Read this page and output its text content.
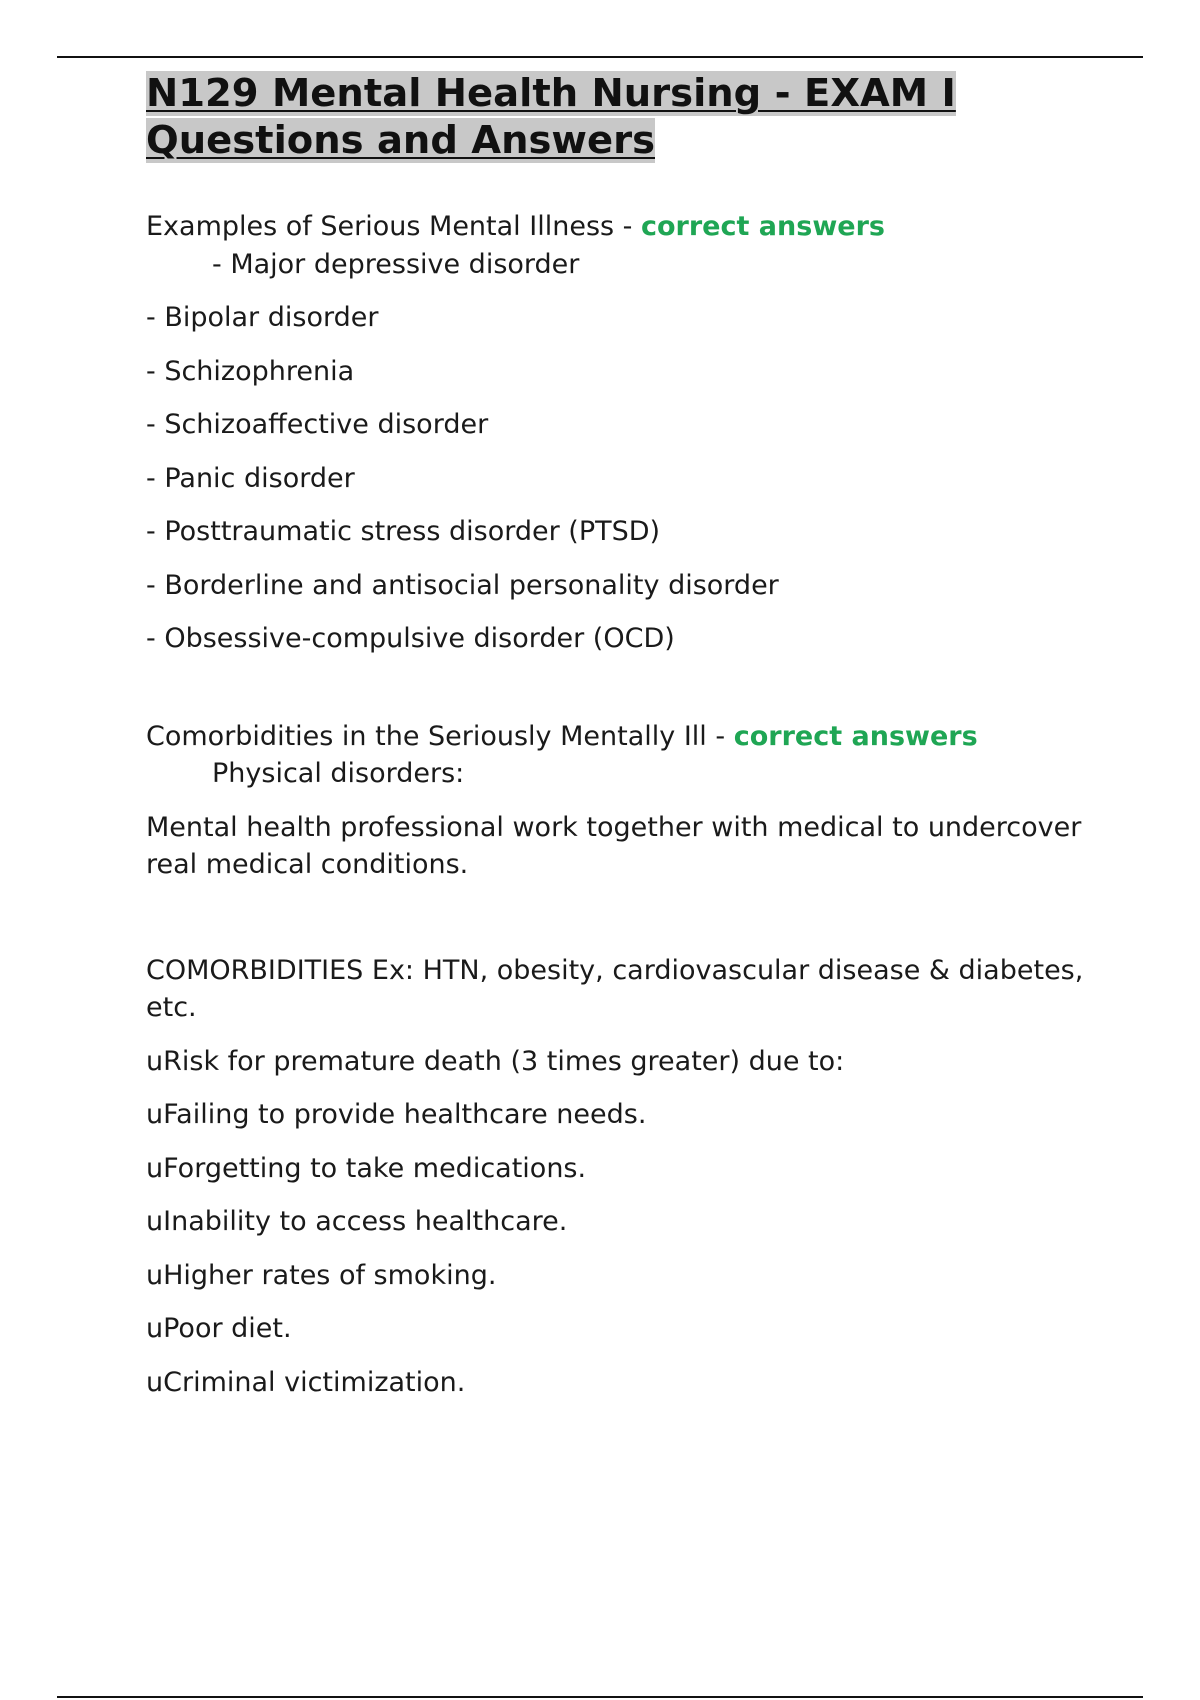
N129 Mental Health Nursing - EXAM I
Questions and Answers

Examples of Serious Mental Illness - correct answers- Major depressive disorder

- Bipolar disorder

- Schizophrenia

- Schizoaffective disorder

- Panic disorder

- Posttraumatic stress disorder (PTSD)

- Borderline and antisocial personality disorder

- Obsessive-compulsive disorder (OCD)

Comorbidities in the Seriously Mentally Ill - correct answersPhysical disorders:

Mental health professional work together with medical to undercover real medical conditions.

COMORBIDITIES Ex: HTN, obesity, cardiovascular disease & diabetes, etc.

uRisk for premature death (3 times greater) due to:

uFailing to provide healthcare needs.

uForgetting to take medications.

uInability to access healthcare.

uHigher rates of smoking.

uPoor diet.

uCriminal victimization.
